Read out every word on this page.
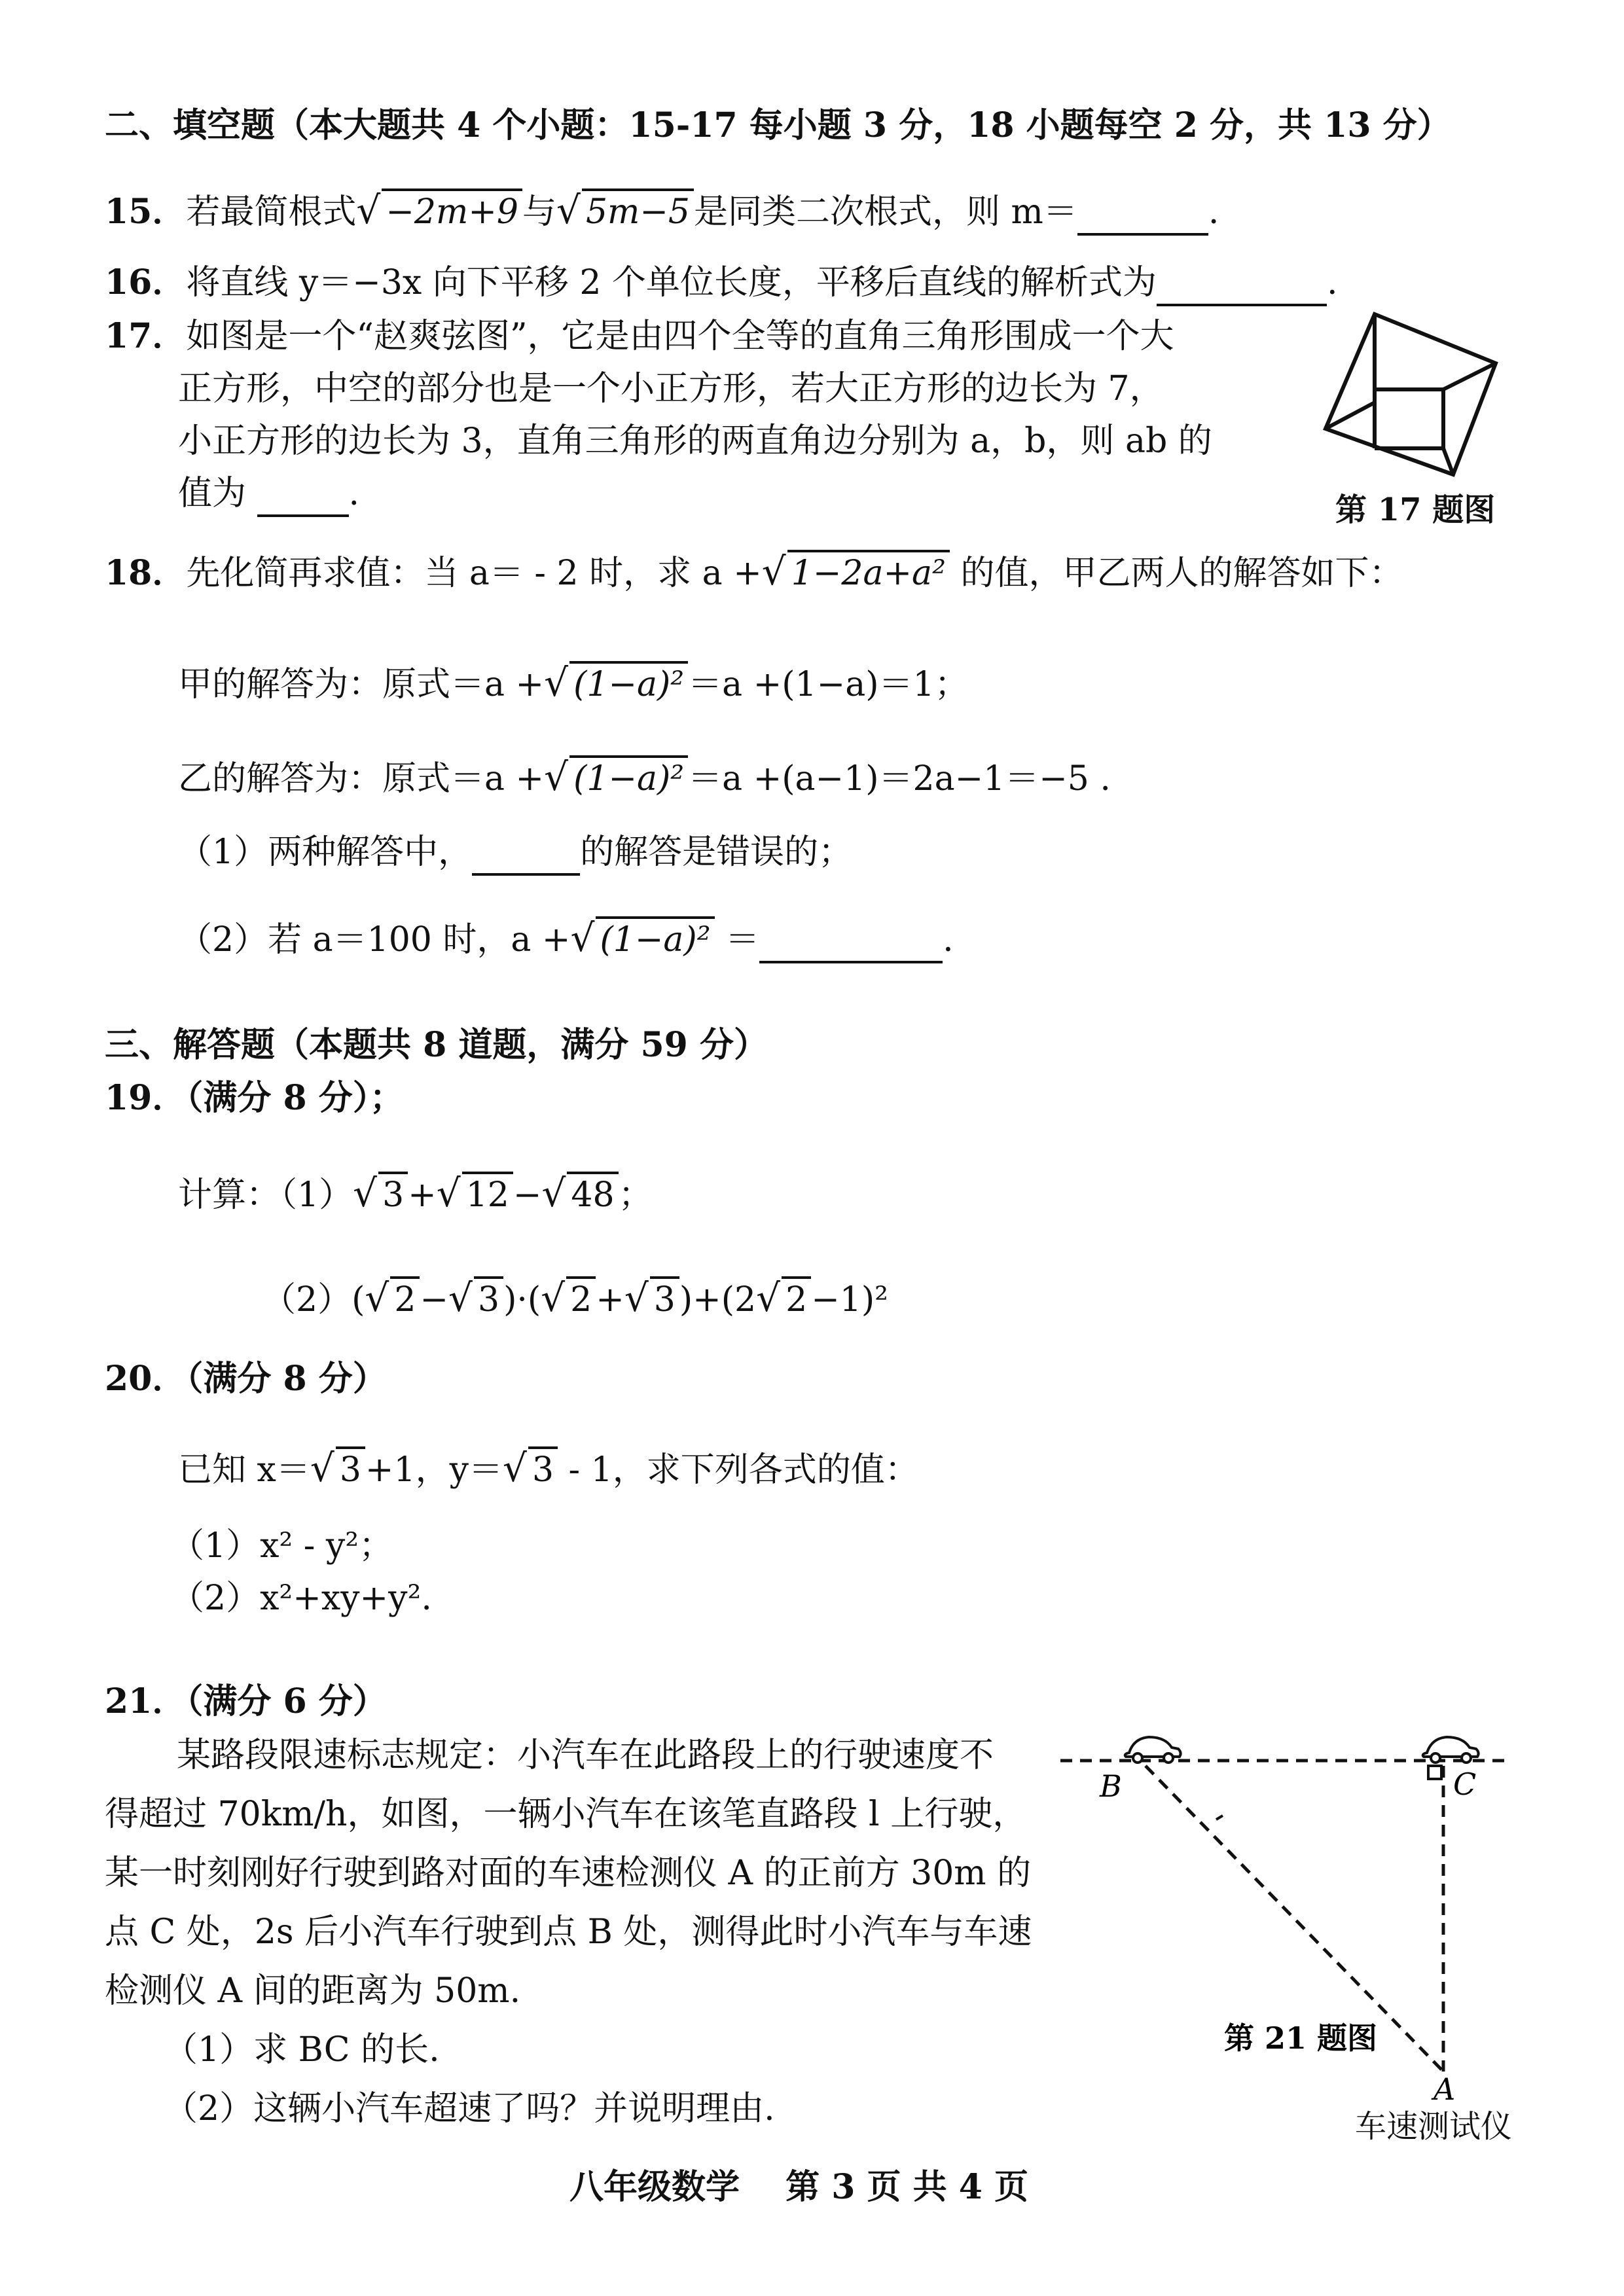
二、填空题（本大题共 4 个小题：15-17 每小题 3 分，18 小题每空 2 分，共 13 分）
15．若最简根式√ −2m+9 与√ 5m−5 是同类二次根式，则 m＝	.
16．将直线 y＝−3x 向下平移 2 个单位长度，平移后直线的解析式为	.
17．如图是一个“赵爽弦图”，它是由四个全等的直角三角形围成一个大
正方形，中空的部分也是一个小正方形，若大正方形的边长为 7，
小正方形的边长为 3，直角三角形的两直角边分别为 a，b，则 ab 的
值为	.	第 17 题图
18．先化简再求值：当 a＝ - 2 时，求 a +√ 1−2a+a² 的值，甲乙两人的解答如下：
甲的解答为：原式＝a +√ (1−a)² ＝a +(1−a)＝1；
乙的解答为：原式＝a +√ (1−a)² ＝a +(a−1)＝2a−1＝−5 .
（1）两种解答中，	的解答是错误的；
（2）若 a＝100 时，a +√ (1−a)² ＝	.
三、解答题（本题共 8 道题，满分 59 分）
19．（满分 8 分）；
计算：（1）√ 3 +√ 12 −√ 48 ；
（2）(√ 2 −√ 3 )·(√ 2 +√ 3 )+(2√ 2 −1)²
20．（满分 8 分）
已知 x＝√ 3 +1，y＝√ 3 - 1，求下列各式的值：
（1）x² - y²；
（2）x²+xy+y².
21．（满分 6 分）
某路段限速标志规定：小汽车在此路段上的行驶速度不
得超过 70km/h，如图，一辆小汽车在该笔直路段 l 上行驶，
某一时刻刚好行驶到路对面的车速检测仪 A 的正前方 30m 的
点 C 处，2s 后小汽车行驶到点 B 处，测得此时小汽车与车速
检测仪 A 间的距离为 50m.
（1）求 BC 的长.
（2）这辆小汽车超速了吗？并说明理由.
B	C
A
第 21 题图
车速测试仪
八年级数学　 第 3 页 共 4 页
